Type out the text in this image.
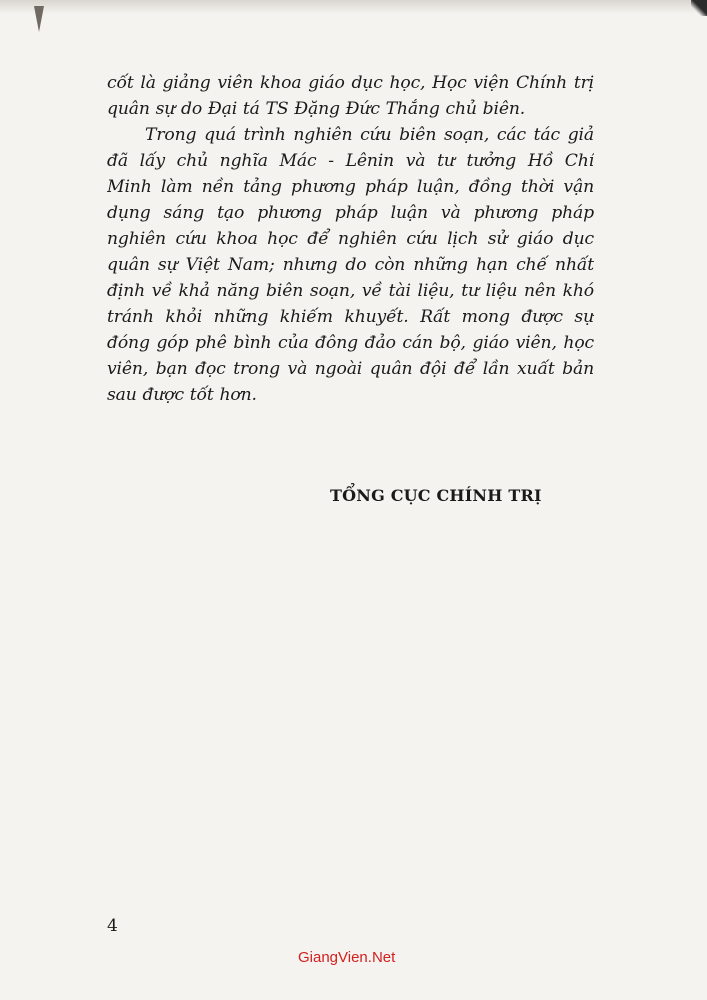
cốt là giảng viên khoa giáo dục học, Học viện Chính trị
quân sự do Đại tá TS Đặng Đức Thắng chủ biên.

Trong quá trình nghiên cứu biên soạn, các tác giả
đã lấy chủ nghĩa Mác - Lênin và tư tưởng Hồ Chí
Minh làm nền tảng phương pháp luận, đồng thời vận
dụng sáng tạo phương pháp luận và phương pháp
nghiên cứu khoa học để nghiên cứu lịch sử giáo dục
quân sự Việt Nam; nhưng do còn những hạn chế nhất
định về khả năng biên soạn, về tài liệu, tư liệu nên khó
tránh khỏi những khiếm khuyết. Rất mong được sự
đóng góp phê bình của đông đảo cán bộ, giáo viên, học
viên, bạn đọc trong và ngoài quân đội để lần xuất bản
sau được tốt hơn.

TỔNG CỤC CHÍNH TRỊ
4
GiangVien.Net
